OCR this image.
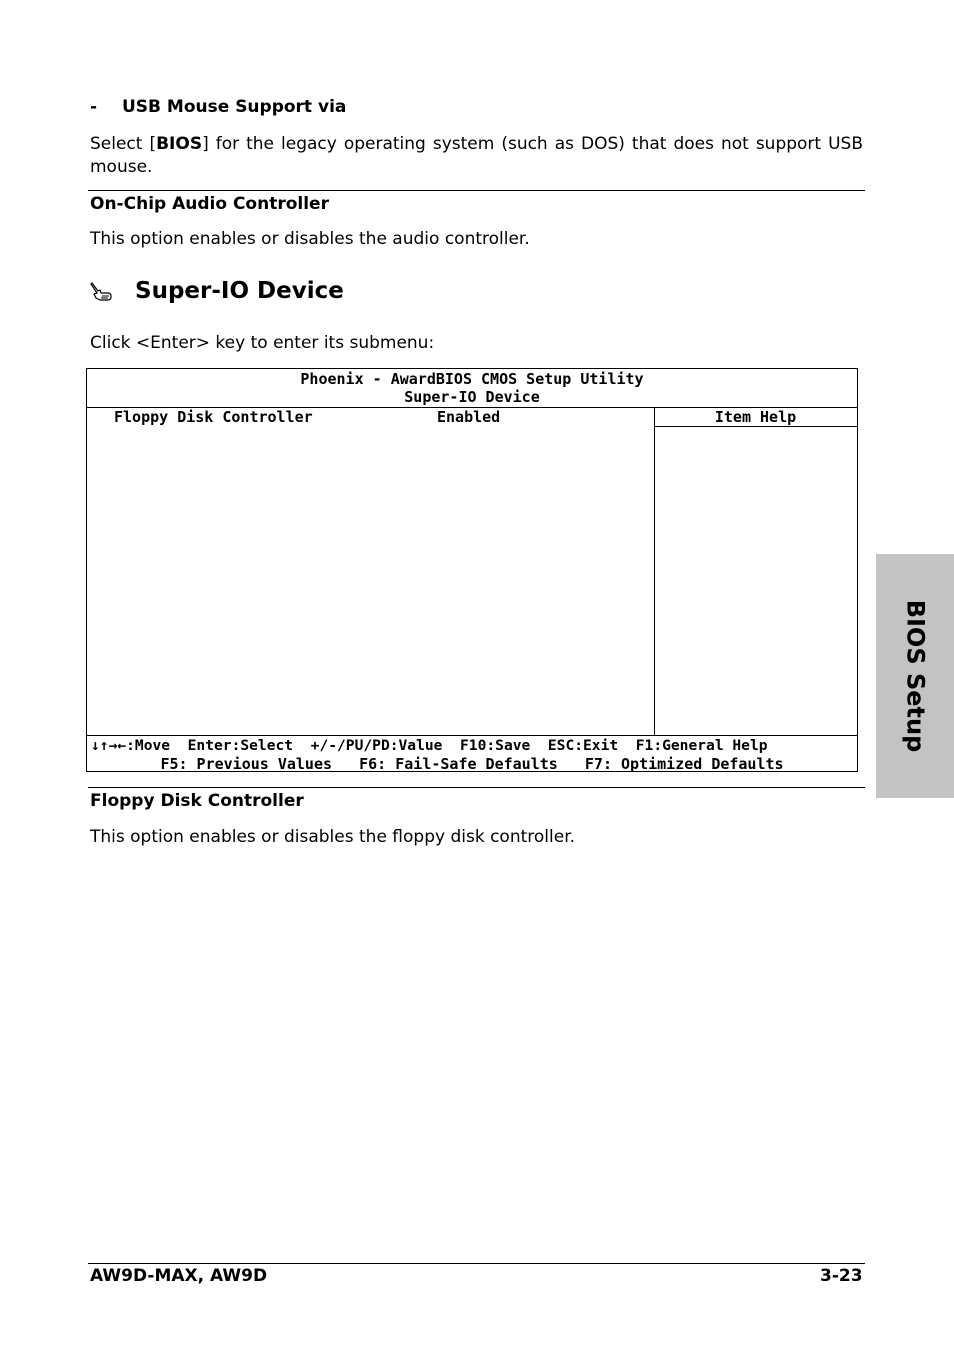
- USB Mouse Support via
Select [BIOS] for the legacy operating system (such as DOS) that does not support USB mouse.
On-Chip Audio Controller
This option enables or disables the audio controller.
Super-IO Device
Click <Enter> key to enter its submenu:
Phoenix - AwardBIOS CMOS Setup Utility
Super-IO Device
Floppy Disk Controller	Enabled	Item Help
↓↑→←:Move  Enter:Select  +/-/PU/PD:Value  F10:Save  ESC:Exit  F1:General Help
F5: Previous Values   F6: Fail-Safe Defaults   F7: Optimized Defaults
Floppy Disk Controller
This option enables or disables the floppy disk controller.
BIOS Setup
AW9D-MAX, AW9D	3-23
